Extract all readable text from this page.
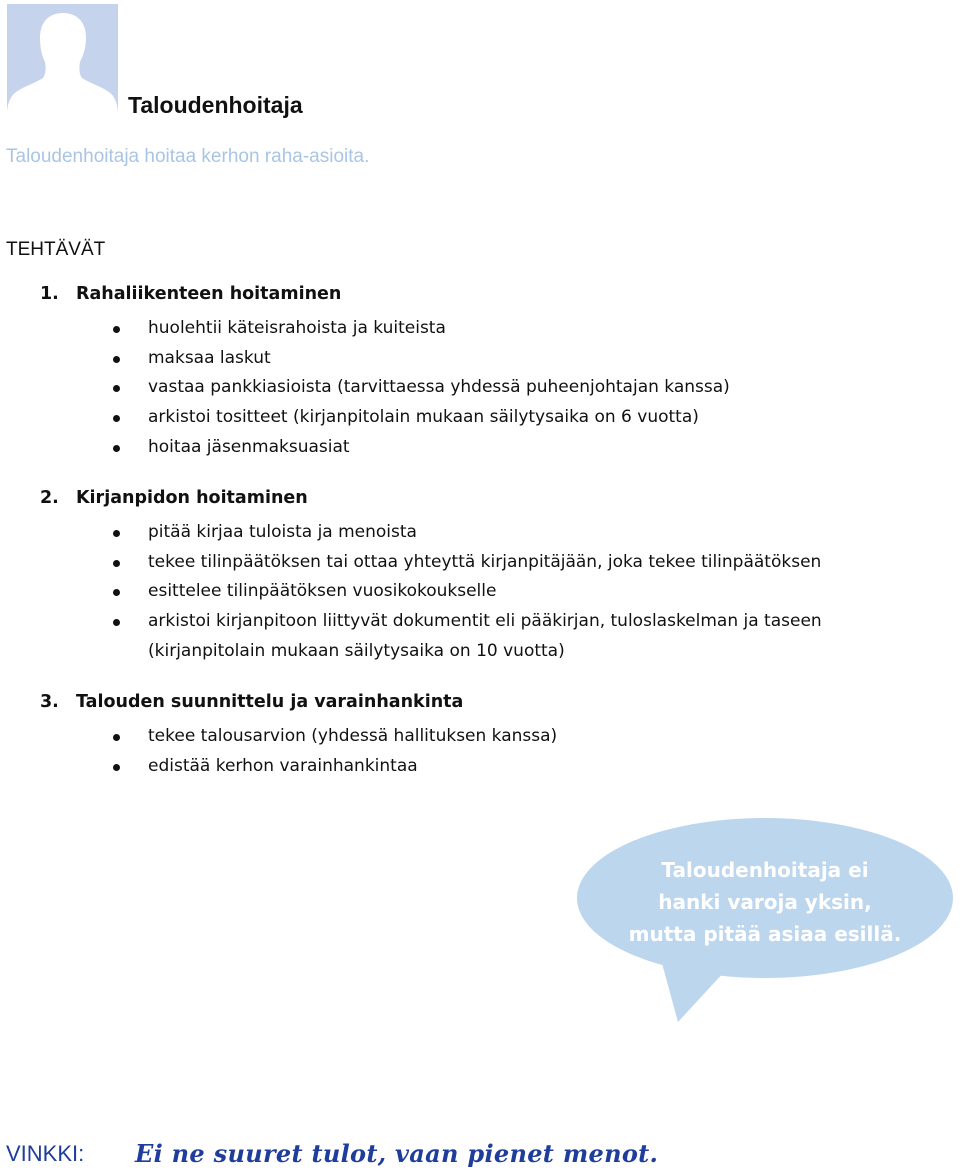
Taloudenhoitaja
Taloudenhoitaja hoitaa kerhon raha-asioita.
TEHTÄVÄT
1. Rahaliikenteen hoitaminen
huolehtii käteisrahoista ja kuiteista
maksaa laskut
vastaa pankkiasioista (tarvittaessa yhdessä puheenjohtajan kanssa)
arkistoi tositteet (kirjanpitolain mukaan säilytysaika on 6 vuotta)
hoitaa jäsenmaksuasiat
2. Kirjanpidon hoitaminen
pitää kirjaa tuloista ja menoista
tekee tilinpäätöksen tai ottaa yhteyttä kirjanpitäjään, joka tekee tilinpäätöksen
esittelee tilinpäätöksen vuosikokoukselle
arkistoi kirjanpitoon liittyvät dokumentit eli pääkirjan, tuloslaskelman ja taseen
(kirjanpitolain mukaan säilytysaika on 10 vuotta)
3. Talouden suunnittelu ja varainhankinta
tekee talousarvion (yhdessä hallituksen kanssa)
edistää kerhon varainhankintaa
Taloudenhoitaja ei
hanki varoja yksin,
mutta pitää asiaa esillä.
VINKKI: Ei ne suuret tulot, vaan pienet menot.
